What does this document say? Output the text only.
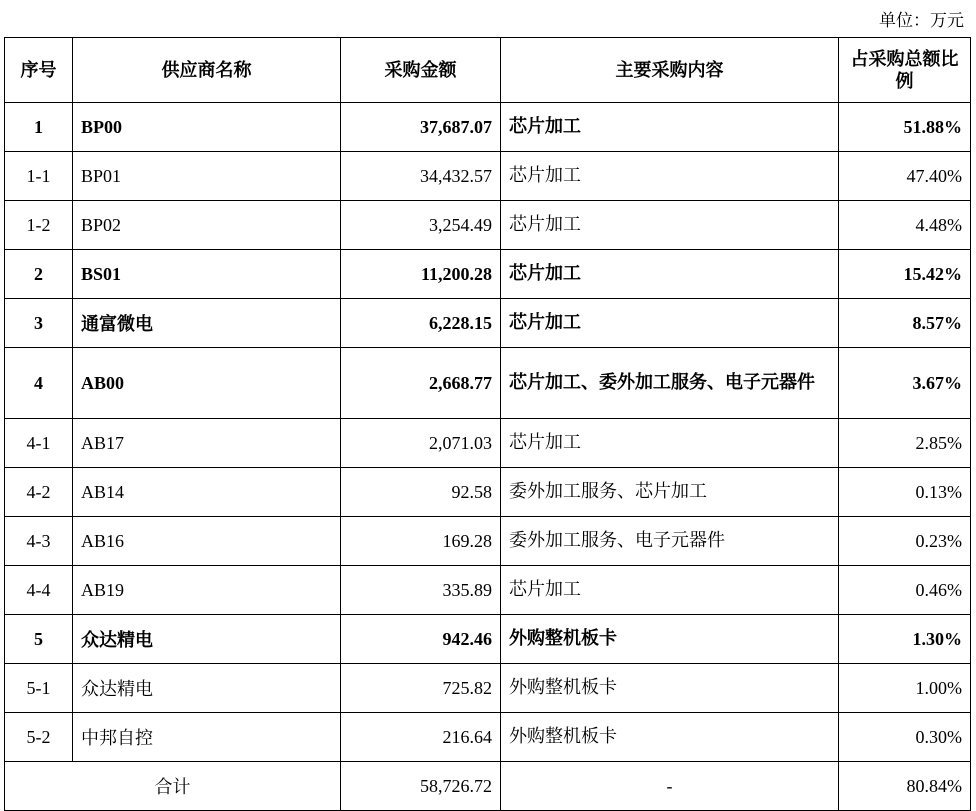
单位：万元
序号	供应商名称	采购金额	主要采购内容	占采购总额比例
1	BP00	37,687.07	芯片加工	51.88%
1-1	BP01	34,432.57	芯片加工	47.40%
1-2	BP02	3,254.49	芯片加工	4.48%
2	BS01	11,200.28	芯片加工	15.42%
3	通富微电	6,228.15	芯片加工	8.57%
4	AB00	2,668.77	芯片加工、委外加工服务、电子元器件	3.67%
4-1	AB17	2,071.03	芯片加工	2.85%
4-2	AB14	92.58	委外加工服务、芯片加工	0.13%
4-3	AB16	169.28	委外加工服务、电子元器件	0.23%
4-4	AB19	335.89	芯片加工	0.46%
5	众达精电	942.46	外购整机板卡	1.30%
5-1	众达精电	725.82	外购整机板卡	1.00%
5-2	中邦自控	216.64	外购整机板卡	0.30%
合计		58,726.72	-	80.84%
